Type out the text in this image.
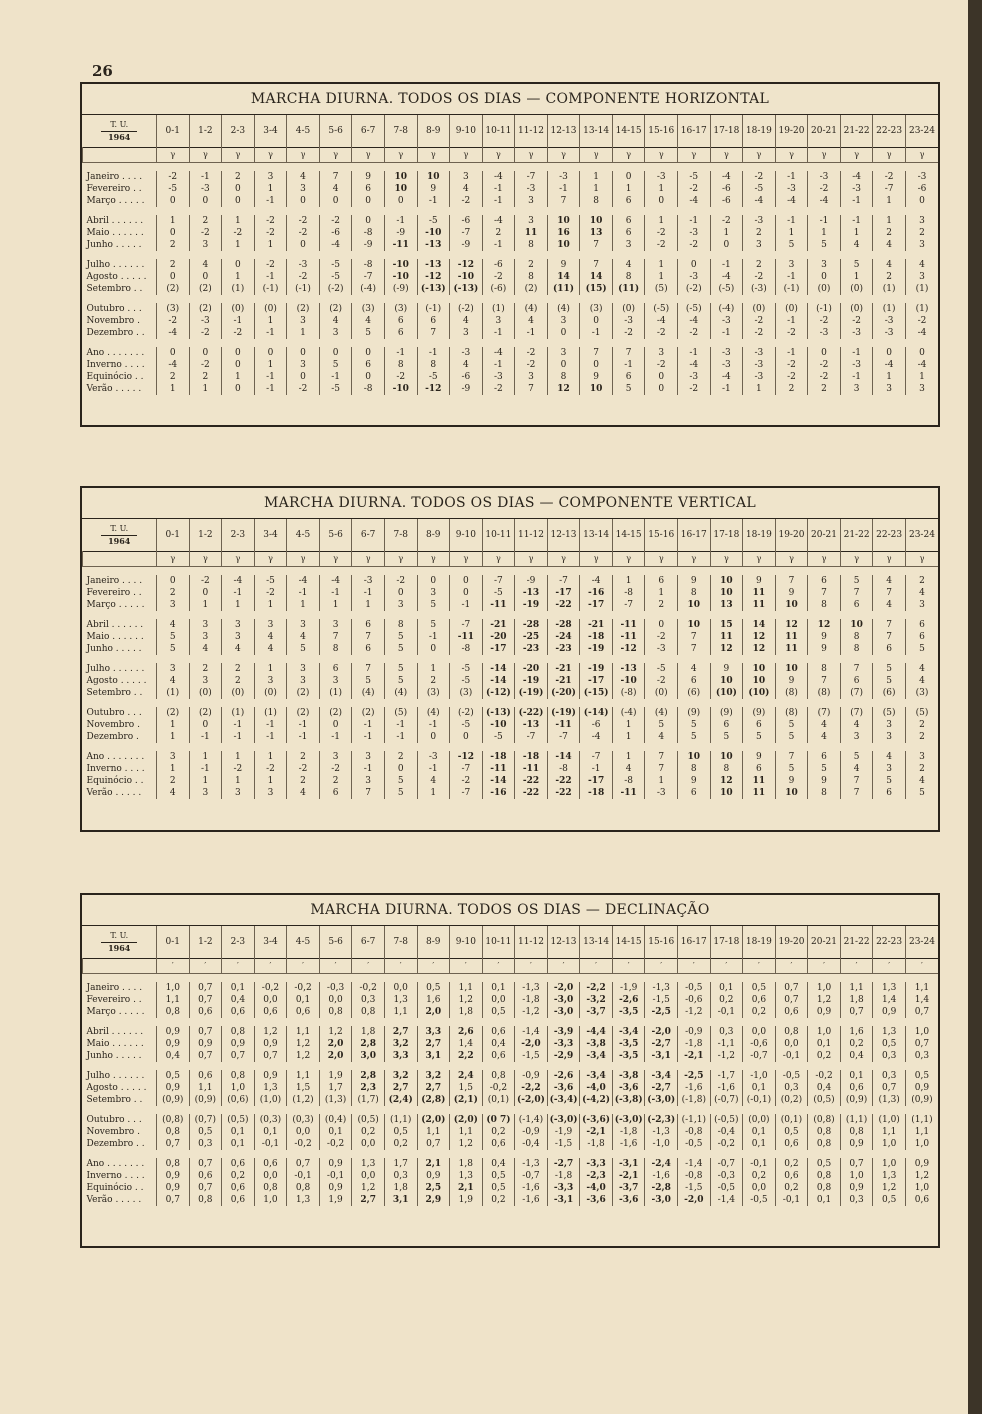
26
MARCHA DIURNA. TODOS OS DIAS — COMPONENTE HORIZONTAL
T. U.
1964	0-1	1-2	2-3	3-4	4-5	5-6	6-7	7-8	8-9	9-10	10-11	11-12	12-13	13-14	14-15	15-16	16-17	17-18	18-19	19-20	20-21	21-22	22-23	23-24
	γ	γ	γ	γ	γ	γ	γ	γ	γ	γ	γ	γ	γ	γ	γ	γ	γ	γ	γ	γ	γ	γ	γ	γ

Janeiro . . . .	-2	-1	2	3	4	7	9	10	10	3	-4	-7	-3	1	0	-3	-5	-4	-2	-1	-3	-4	-2	-3
Fevereiro . .	-5	-3	0	1	3	4	6	10	9	4	-1	-3	-1	1	1	1	-2	-6	-5	-3	-2	-3	-7	-6
Março . . . . .	0	0	0	-1	0	0	0	0	-1	-2	-1	3	7	8	6	0	-4	-6	-4	-4	-4	-1	1	0

Abril . . . . . .	1	2	1	-2	-2	-2	0	-1	-5	-6	-4	3	10	10	6	1	-1	-2	-3	-1	-1	-1	1	3
Maio . . . . . .	0	-2	-2	-2	-2	-6	-8	-9	-10	-7	2	11	16	13	6	-2	-3	1	2	1	1	1	2	2
Junho . . . . .	2	3	1	1	0	-4	-9	-11	-13	-9	-1	8	10	7	3	-2	-2	0	3	5	5	4	4	3

Julho . . . . . .	2	4	0	-2	-3	-5	-8	-10	-13	-12	-6	2	9	7	4	1	0	-1	2	3	3	5	4	4
Agosto . . . . .	0	0	1	-1	-2	-5	-7	-10	-12	-10	-2	8	14	14	8	1	-3	-4	-2	-1	0	1	2	3
Setembro . .	(2)	(2)	(1)	(-1)	(-1)	(-2)	(-4)	(-9)	(-13)	(-13)	(-6)	(2)	(11)	(15)	(11)	(5)	(-2)	(-5)	(-3)	(-1)	(0)	(0)	(1)	(1)

Outubro . . .	(3)	(2)	(0)	(0)	(2)	(2)	(3)	(3)	(-1)	(-2)	(1)	(4)	(4)	(3)	(0)	(-5)	(-5)	(-4)	(0)	(0)	(-1)	(0)	(1)	(1)
Novembro .	-2	-3	-1	1	3	4	4	6	6	4	3	4	3	0	-3	-4	-4	-3	-2	-1	-2	-2	-3	-2
Dezembro . .	-4	-2	-2	-1	1	3	5	6	7	3	-1	-1	0	-1	-2	-2	-2	-1	-2	-2	-3	-3	-3	-4

Ano . . . . . . .	0	0	0	0	0	0	0	-1	-1	-3	-4	-2	3	7	7	3	-1	-3	-3	-1	0	-1	0	0
Inverno . . . .	-4	-2	0	1	3	5	6	8	8	4	-1	-2	0	0	-1	-2	-4	-3	-3	-2	-2	-3	-4	-4
Equinócio . .	2	2	1	-1	0	-1	0	-2	-5	-6	-3	3	8	9	6	0	-3	-4	-3	-2	-2	-1	1	1
Verão . . . . .	1	1	0	-1	-2	-5	-8	-10	-12	-9	-2	7	12	10	5	0	-2	-1	1	2	2	3	3	3
MARCHA DIURNA. TODOS OS DIAS — COMPONENTE VERTICAL
T. U.
1964	0-1	1-2	2-3	3-4	4-5	5-6	6-7	7-8	8-9	9-10	10-11	11-12	12-13	13-14	14-15	15-16	16-17	17-18	18-19	19-20	20-21	21-22	22-23	23-24
	γ	γ	γ	γ	γ	γ	γ	γ	γ	γ	γ	γ	γ	γ	γ	γ	γ	γ	γ	γ	γ	γ	γ	γ

Janeiro . . . .	0	-2	-4	-5	-4	-4	-3	-2	0	0	-7	-9	-7	-4	1	6	9	10	9	7	6	5	4	2
Fevereiro . .	2	0	-1	-2	-1	-1	-1	0	3	0	-5	-13	-17	-16	-8	1	8	10	11	9	7	7	7	4
Março . . . . .	3	1	1	1	1	1	1	3	5	-1	-11	-19	-22	-17	-7	2	10	13	11	10	8	6	4	3

Abril . . . . . .	4	3	3	3	3	3	6	8	5	-7	-21	-28	-28	-21	-11	0	10	15	14	12	12	10	7	6
Maio . . . . . .	5	3	3	4	4	7	7	5	-1	-11	-20	-25	-24	-18	-11	-2	7	11	12	11	9	8	7	6
Junho . . . . .	5	4	4	4	5	8	6	5	0	-8	-17	-23	-23	-19	-12	-3	7	12	12	11	9	8	6	5

Julho . . . . . .	3	2	2	1	3	6	7	5	1	-5	-14	-20	-21	-19	-13	-5	4	9	10	10	8	7	5	4
Agosto . . . . .	4	3	2	3	3	3	5	5	2	-5	-14	-19	-21	-17	-10	-2	6	10	10	9	7	6	5	4
Setembro . .	(1)	(0)	(0)	(0)	(2)	(1)	(4)	(4)	(3)	(3)	(-12)	(-19)	(-20)	(-15)	(-8)	(0)	(6)	(10)	(10)	(8)	(8)	(7)	(6)	(3)

Outubro . . .	(2)	(2)	(1)	(1)	(2)	(2)	(2)	(5)	(4)	(-2)	(-13)	(-22)	(-19)	(-14)	(-4)	(4)	(9)	(9)	(9)	(8)	(7)	(7)	(5)	(5)
Novembro .	1	0	-1	-1	-1	0	-1	-1	-1	-5	-10	-13	-11	-6	1	5	5	6	6	5	4	4	3	2
Dezembro .	1	-1	-1	-1	-1	-1	-1	-1	0	0	-5	-7	-7	-4	1	4	5	5	5	5	4	3	3	2

Ano . . . . . . .	3	1	1	1	2	3	3	2	-3	-12	-18	-18	-14	-7	1	7	10	10	9	7	6	5	4	3
Inverno . . . .	1	-1	-2	-2	-2	-2	-1	0	-1	-7	-11	-11	-8	-1	4	7	8	8	6	5	5	4	3	2
Equinócio . .	2	1	1	1	2	2	3	5	4	-2	-14	-22	-22	-17	-8	1	9	12	11	9	9	7	5	4
Verão . . . . .	4	3	3	3	4	6	7	5	1	-7	-16	-22	-22	-18	-11	-3	6	10	11	10	8	7	6	5
MARCHA DIURNA. TODOS OS DIAS — DECLINAÇÃO
T. U.
1964	0-1	1-2	2-3	3-4	4-5	5-6	6-7	7-8	8-9	9-10	10-11	11-12	12-13	13-14	14-15	15-16	16-17	17-18	18-19	19-20	20-21	21-22	22-23	23-24
	′	′	′	′	′	′	′	′	′	′	′	′	′	′	′	′	′	′	′	′	′	′	′	′

Janeiro . . . .	1,0	0,7	0,1	-0,2	-0,2	-0,3	-0,2	0,0	0,5	1,1	0,1	-1,3	-2,0	-2,2	-1,9	-1,3	-0,5	0,1	0,5	0,7	1,0	1,1	1,3	1,1
Fevereiro . .	1,1	0,7	0,4	0,0	0,1	0,0	0,3	1,3	1,6	1,2	0,0	-1,8	-3,0	-3,2	-2,6	-1,5	-0,6	0,2	0,6	0,7	1,2	1,8	1,4	1,4
Março . . . . .	0,8	0,6	0,6	0,6	0,6	0,8	0,8	1,1	2,0	1,8	0,5	-1,2	-3,0	-3,7	-3,5	-2,5	-1,2	-0,1	0,2	0,6	0,9	0,7	0,9	0,7

Abril . . . . . .	0,9	0,7	0,8	1,2	1,1	1,2	1,8	2,7	3,3	2,6	0,6	-1,4	-3,9	-4,4	-3,4	-2,0	-0,9	0,3	0,0	0,8	1,0	1,6	1,3	1,0
Maio . . . . . .	0,9	0,9	0,9	0,9	1,2	2,0	2,8	3,2	2,7	1,4	0,4	-2,0	-3,3	-3,8	-3,5	-2,7	-1,8	-1,1	-0,6	0,0	0,1	0,2	0,5	0,7
Junho . . . . .	0,4	0,7	0,7	0,7	1,2	2,0	3,0	3,3	3,1	2,2	0,6	-1,5	-2,9	-3,4	-3,5	-3,1	-2,1	-1,2	-0,7	-0,1	0,2	0,4	0,3	0,3

Julho . . . . . .	0,5	0,6	0,8	0,9	1,1	1,9	2,8	3,2	3,2	2,4	0,8	-0,9	-2,6	-3,4	-3,8	-3,4	-2,5	-1,7	-1,0	-0,5	-0,2	0,1	0,3	0,5
Agosto . . . . .	0,9	1,1	1,0	1,3	1,5	1,7	2,3	2,7	2,7	1,5	-0,2	-2,2	-3,6	-4,0	-3,6	-2,7	-1,6	-1,6	0,1	0,3	0,4	0,6	0,7	0,9
Setembro . .	(0,9)	(0,9)	(0,6)	(1,0)	(1,2)	(1,3)	(1,7)	(2,4)	(2,8)	(2,1)	(0,1)	(-2,0)	(-3,4)	(-4,2)	(-3,8)	(-3,0)	(-1,8)	(-0,7)	(-0,1)	(0,2)	(0,5)	(0,9)	(1,3)	(0,9)

Outubro . . .	(0,8)	(0,7)	(0,5)	(0,3)	(0,3)	(0,4)	(0,5)	(1,1)	(2,0)	(2,0)	(0 7)	(-1,4)	(-3,0)	(-3,6)	(-3,0)	(-2,3)	(-1,1)	(-0,5)	(0,0)	(0,1)	(0,8)	(1,1)	(1,0)	(1,1)
Novembro .	0,8	0,5	0,1	0,1	0,0	0,1	0,2	0,5	1,1	1,1	0,2	-0,9	-1,9	-2,1	-1,8	-1,3	-0,8	-0,4	0,1	0,5	0,8	0,8	1,1	1,1
Dezembro . .	0,7	0,3	0,1	-0,1	-0,2	-0,2	0,0	0,2	0,7	1,2	0,6	-0,4	-1,5	-1,8	-1,6	-1,0	-0,5	-0,2	0,1	0,6	0,8	0,9	1,0	1,0

Ano . . . . . . .	0,8	0,7	0,6	0,6	0,7	0,9	1,3	1,7	2,1	1,8	0,4	-1,3	-2,7	-3,3	-3,1	-2,4	-1,4	-0,7	-0,1	0,2	0,5	0,7	1,0	0,9
Inverno . . . .	0,9	0,6	0,2	0,0	-0,1	-0,1	0,0	0,3	0,9	1,3	0,5	-0,7	-1,8	-2,3	-2,1	-1,6	-0,8	-0,3	0,2	0,6	0,8	1,0	1,3	1,2
Equinócio . .	0,9	0,7	0,6	0,8	0,8	0,9	1,2	1,8	2,5	2,1	0,5	-1,6	-3,3	-4,0	-3,7	-2,8	-1,5	-0,5	0,0	0,2	0,8	0,9	1,2	1,0
Verão . . . . .	0,7	0,8	0,6	1,0	1,3	1,9	2,7	3,1	2,9	1,9	0,2	-1,6	-3,1	-3,6	-3,6	-3,0	-2,0	-1,4	-0,5	-0,1	0,1	0,3	0,5	0,6
